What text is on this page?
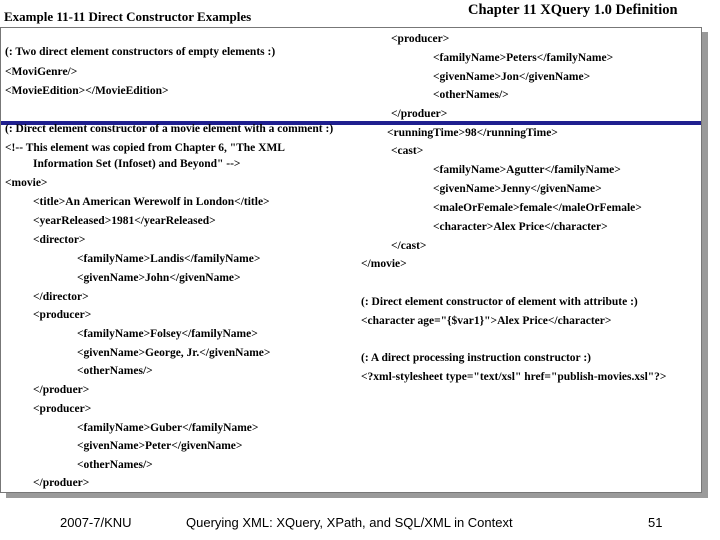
Example 11-11 Direct Constructor Examples	Chapter 11 XQuery 1.0 Definition
(: Two direct element constructors of empty elements :)
<MoviGenre/>
<MovieEdition></MovieEdition>
(: Direct element constructor of a movie element with a comment :)
<!-- This element was copied from Chapter 6, "The XML
Information Set (Infoset) and Beyond" -->
<movie>
<title>An American Werewolf in London</title>
<yearReleased>1981</yearReleased>
<director>
<familyName>Landis</familyName>
<givenName>John</givenName>
</director>
<producer>
<familyName>Folsey</familyName>
<givenName>George, Jr.</givenName>
<otherNames/>
</produer>
<producer>
<familyName>Guber</familyName>
<givenName>Peter</givenName>
<otherNames/>
</produer>
<producer>
<familyName>Peters</familyName>
<givenName>Jon</givenName>
<otherNames/>
</produer>
<runningTime>98</runningTime>
<cast>
<familyName>Agutter</familyName>
<givenName>Jenny</givenName>
<maleOrFemale>female</maleOrFemale>
<character>Alex Price</character>
</cast>
</movie>
(: Direct element constructor of element with attribute :)
<character age="{$var1}">Alex Price</character>
(: A direct processing instruction constructor :)
<?xml-stylesheet type="text/xsl" href="publish-movies.xsl"?>
2007-7/KNU	Querying XML: XQuery, XPath, and SQL/XML in Context	51
